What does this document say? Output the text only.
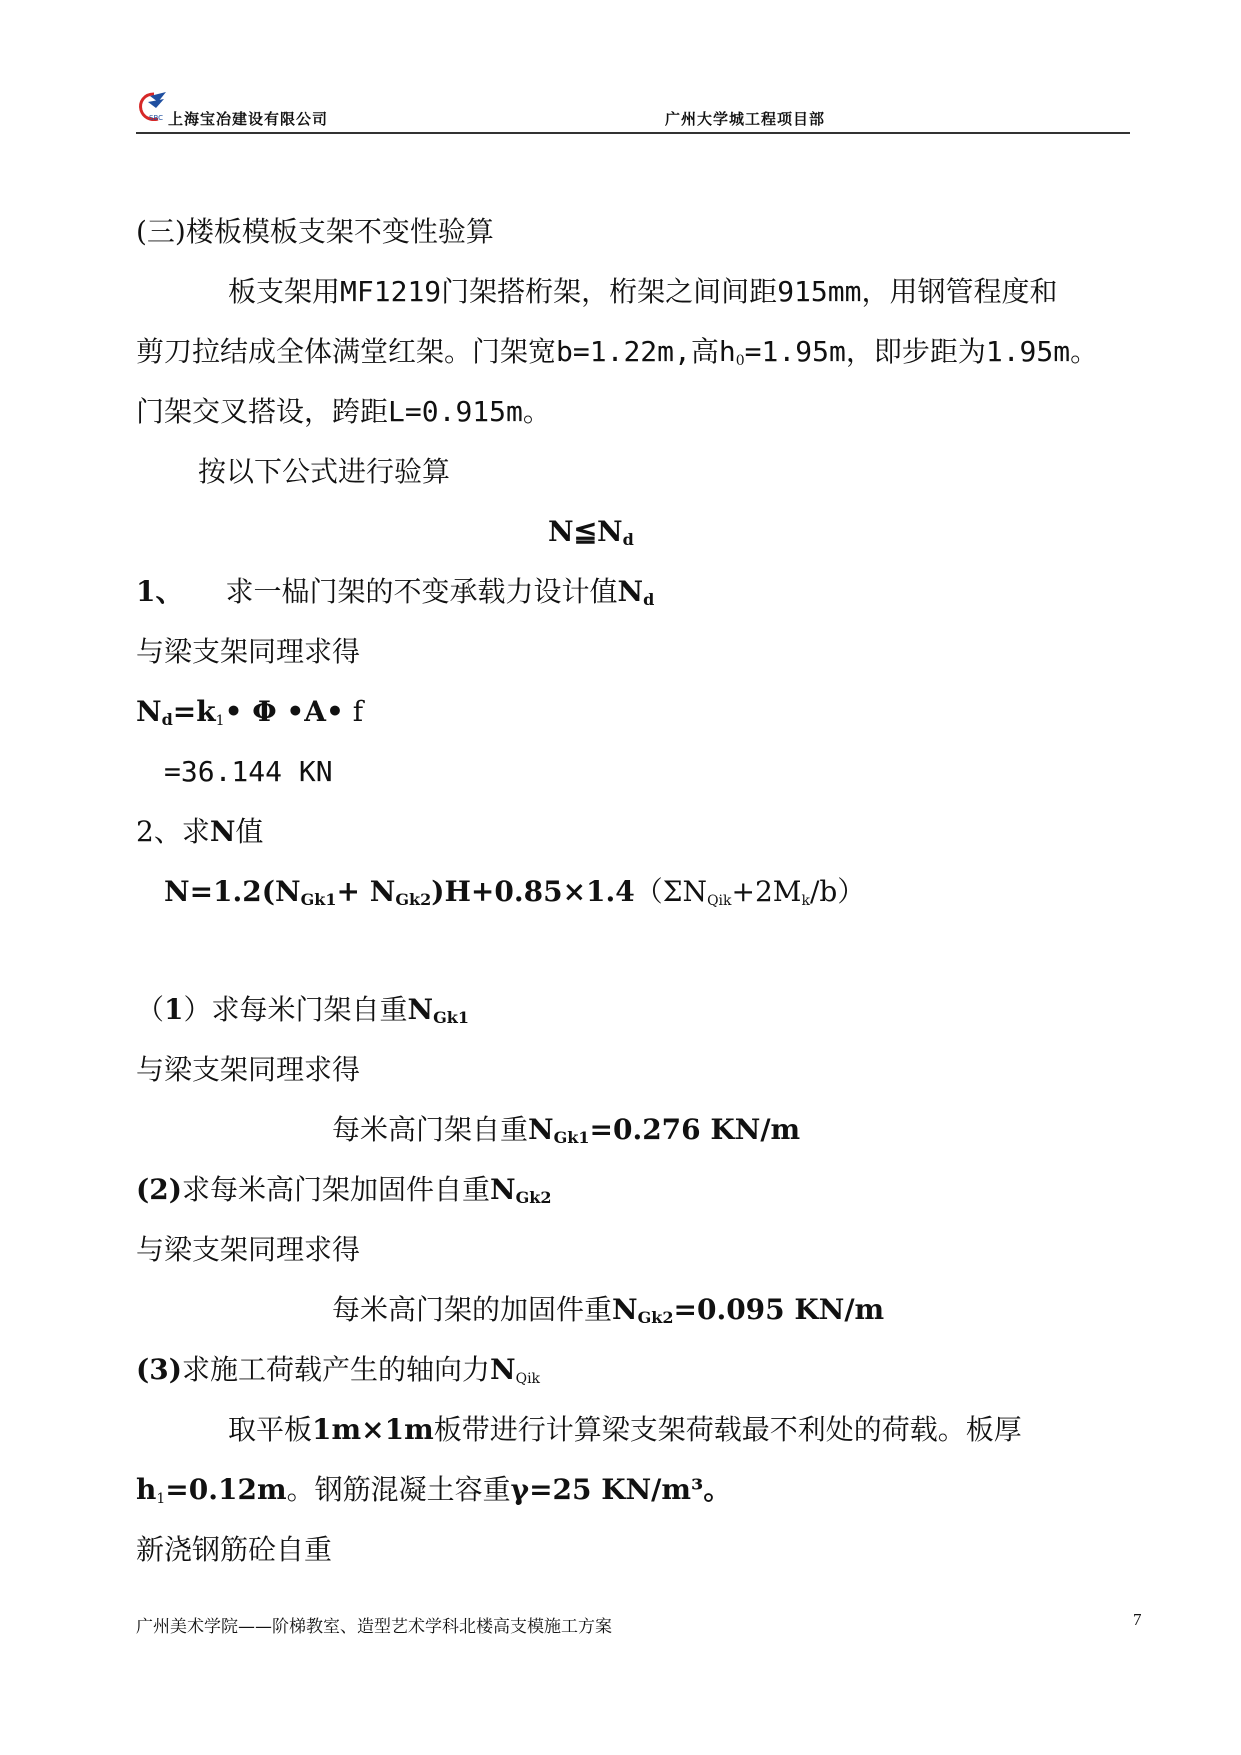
SBC 上海宝冶建设有限公司	广州大学城工程项目部
(三)楼板模板支架不变性验算
板支架用MF1219门架搭桁架，桁架之间间距915mm，用钢管程度和
剪刀拉结成全体满堂红架。门架宽b=1.22m,高h0=1.95m，即步距为1.95m。
门架交叉搭设，跨距L=0.915m。
按以下公式进行验算
$N≦N_d$
1、 求一榀门架的不变承载力设计值$N_d$
与梁支架同理求得
$N_d=k1•$ Φ •A• f
=36.144 KN
2、求N值
$N=1.2(N_{Gk1}+$ $N_{Gk2})H+0.85\times 1.4(\Sigma NQik+2Mk/b)$
（1）求每米门架自重$N_{Gk1}$
与梁支架同理求得
每米高门架自重$N_{Gk1}=0.276$ KN/m
(2)求每米高门架加固件自重$N_{Gk2}$
与梁支架同理求得
每米高门架的加固件重$N_{Gk2}=0.095$ KN/m
(3)求施工荷载产生的轴向力NQik
取平板1m×1m板带进行计算梁支架荷载最不利处的荷载。板厚
h1=0.12m。钢筋混凝土容重γ=25 KN/m³。
新浇钢筋砼自重
广州美术学院——阶梯教室、造型艺术学科北楼高支模施工方案	7
